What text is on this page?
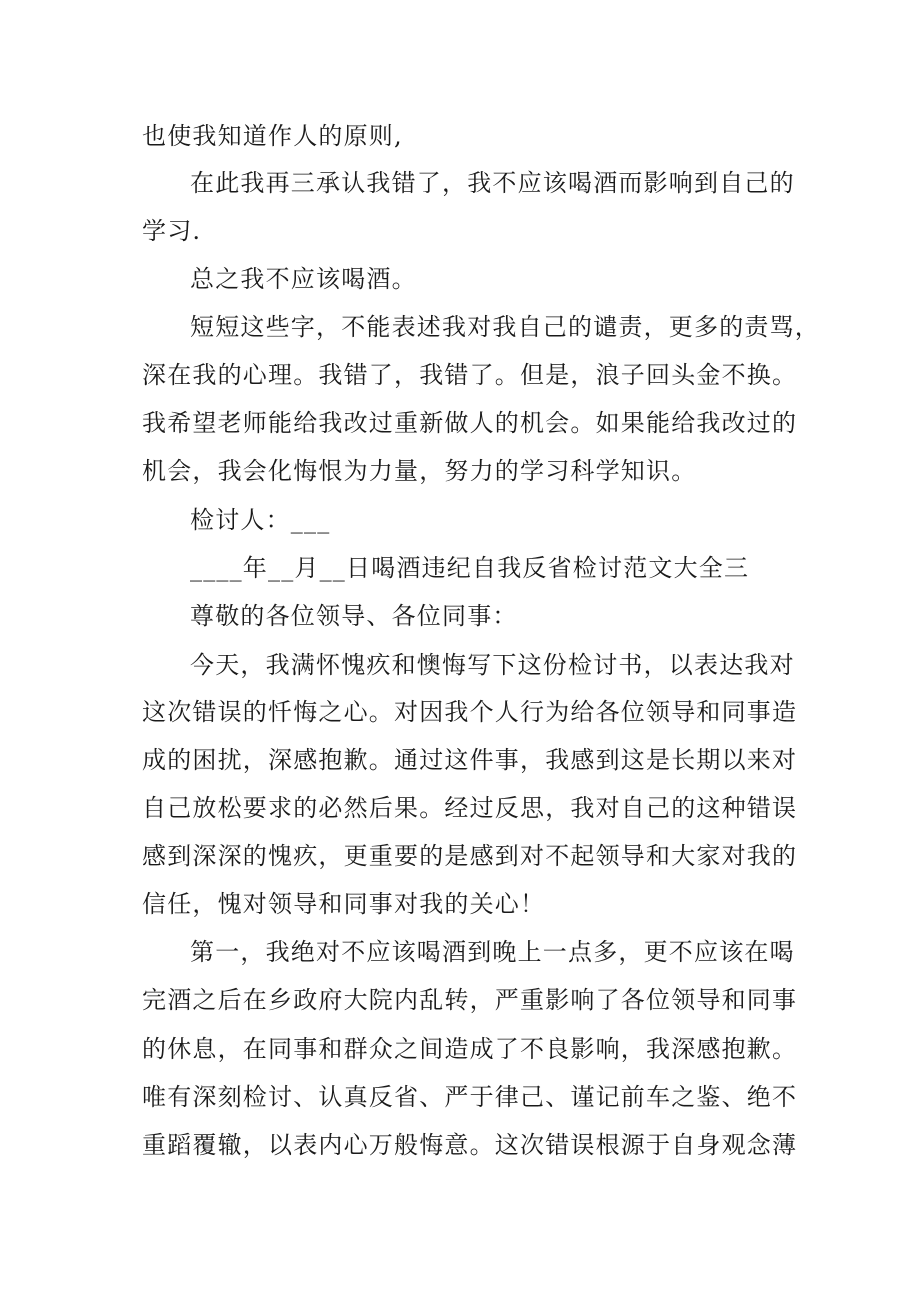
也使我知道作人的原则,
在此我再三承认我错了，我不应该喝酒而影响到自己的
学习.
总之我不应该喝酒。
短短这些字，不能表述我对我自己的谴责，更多的责骂，
深在我的心理。我错了，我错了。但是，浪子回头金不换。
我希望老师能给我改过重新做人的机会。如果能给我改过的
机会，我会化悔恨为力量，努力的学习科学知识。
检讨人：___
____年__月__日喝酒违纪自我反省检讨范文大全三
尊敬的各位领导、各位同事：
今天，我满怀愧疚和懊悔写下这份检讨书，以表达我对
这次错误的忏悔之心。对因我个人行为给各位领导和同事造
成的困扰，深感抱歉。通过这件事，我感到这是长期以来对
自己放松要求的必然后果。经过反思，我对自己的这种错误
感到深深的愧疚，更重要的是感到对不起领导和大家对我的
信任，愧对领导和同事对我的关心！
第一，我绝对不应该喝酒到晚上一点多，更不应该在喝
完酒之后在乡政府大院内乱转，严重影响了各位领导和同事
的休息，在同事和群众之间造成了不良影响，我深感抱歉。
唯有深刻检讨、认真反省、严于律己、谨记前车之鉴、绝不
重蹈覆辙，以表内心万般悔意。这次错误根源于自身观念薄
